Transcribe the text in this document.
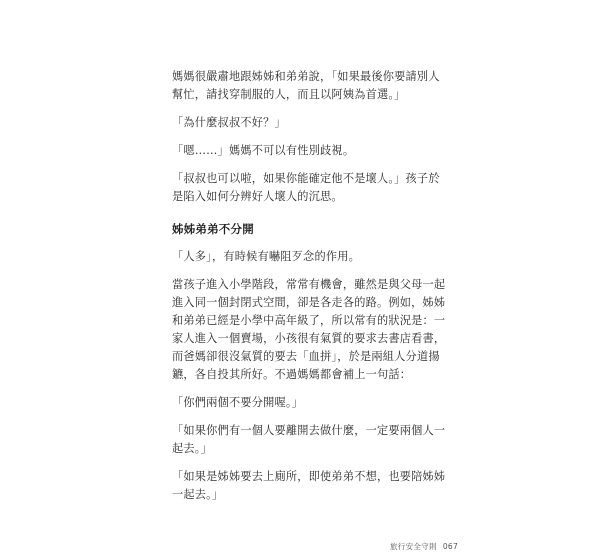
媽媽很嚴肅地跟姊姊和弟弟說，「如果最後你要請別人幫忙，請找穿制服的人，而且以阿姨為首選。」

「為什麼叔叔不好？」

「嗯……」媽媽不可以有性別歧視。

「叔叔也可以啦，如果你能確定他不是壞人。」孩子於是陷入如何分辨好人壞人的沉思。

姊姊弟弟不分開

「人多」，有時候有嚇阻歹念的作用。

當孩子進入小學階段，常常有機會，雖然是與父母一起進入同一個封閉式空間，卻是各走各的路。例如，姊姊和弟弟已經是小學中高年級了，所以常有的狀況是：一家人進入一個賣場，小孩很有氣質的要求去書店看書，而爸媽卻很沒氣質的要去「血拼」，於是兩組人分道揚鑣，各自投其所好。不過媽媽都會補上一句話：

「你們兩個不要分開喔。」

「如果你們有一個人要離開去做什麼，一定要兩個人一起去。」

「如果是姊姊要去上廁所，即使弟弟不想，也要陪姊姊一起去。」

旅行安全守則 067
